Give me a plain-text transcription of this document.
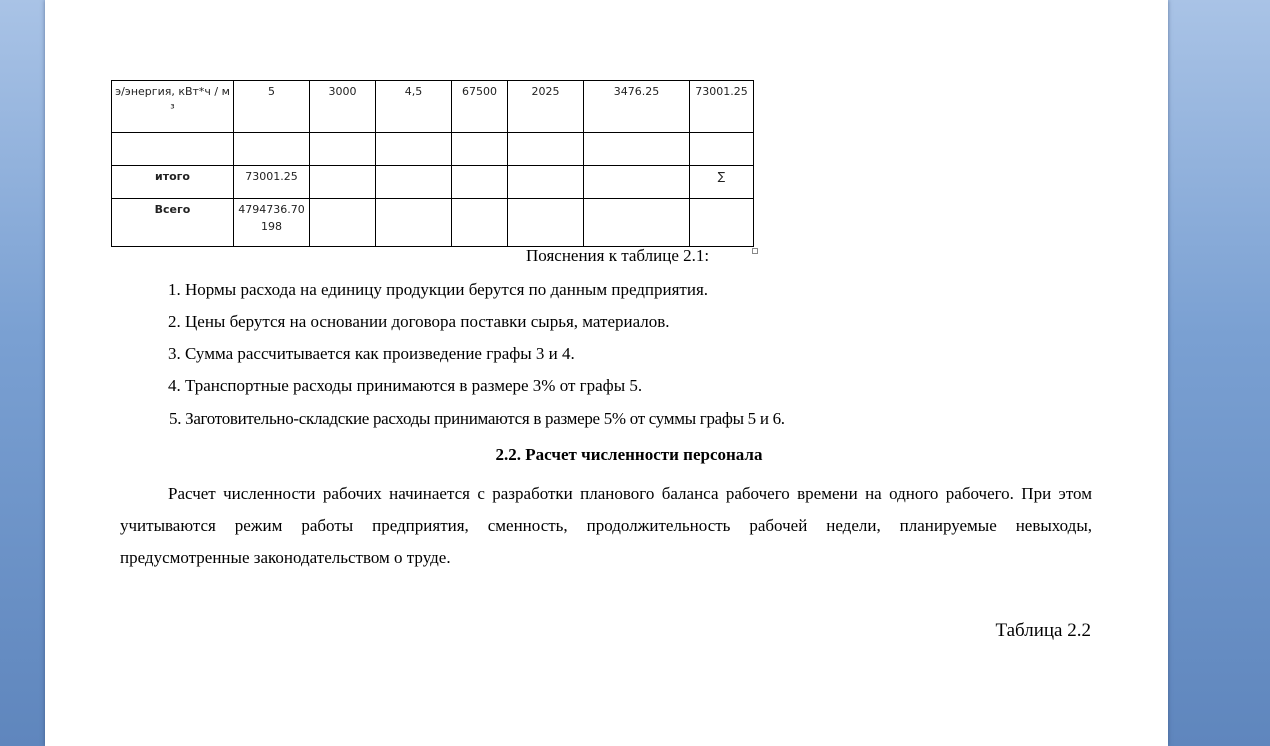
э/энергия, кВт*ч / м³	5	3000	4,5	67500	2025	3476.25	73001.25

итого	73001.25						∑
Всего	4794736.70198						
Пояснения к таблице 2.1:
1. Нормы расхода на единицу продукции берутся по данным предприятия.
2. Цены берутся на основании договора поставки сырья, материалов.
3. Сумма рассчитывается как произведение графы 3 и 4.
4. Транспортные расходы принимаются в размере 3% от графы 5.
5. Заготовительно-складские расходы принимаются в размере 5% от суммы графы 5 и 6.
2.2. Расчет численности персонала

Расчет численности рабочих начинается с разработки планового баланса рабочего времени на одного рабочего. При этом учитываются режим работы предприятия, сменность, продолжительность рабочей недели, планируемые невыходы, предусмотренные законодательством о труде.

Таблица 2.2
